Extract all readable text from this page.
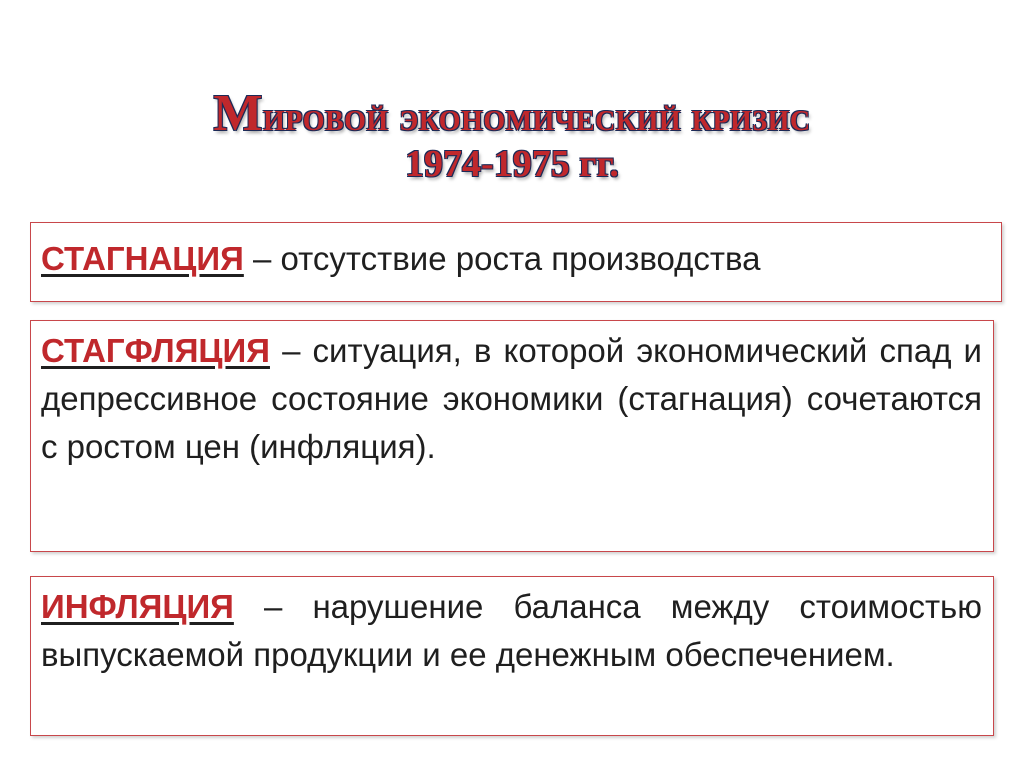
Мировой экономический кризис
1974-1975 гг.
СТАГНАЦИЯ – отсутствие роста производства
СТАГФЛЯЦИЯ – ситуация, в которой экономический спад и депрессивное состояние экономики (стагнация) сочетаются с ростом цен (инфляция).
ИНФЛЯЦИЯ – нарушение баланса между стоимостью выпускаемой продукции и ее денежным обеспечением.
